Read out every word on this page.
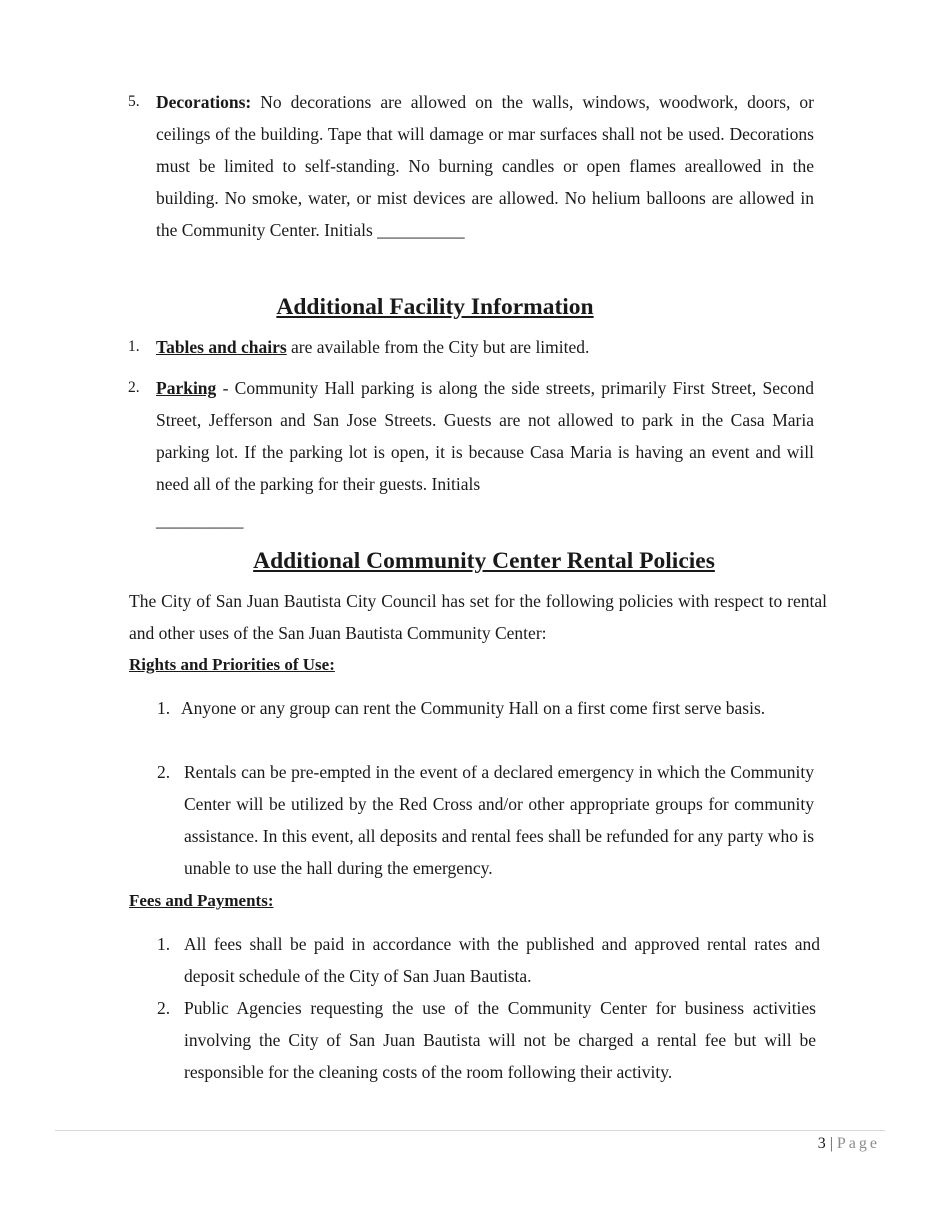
5. Decorations: No decorations are allowed on the walls, windows, woodwork, doors, or ceilings of the building. Tape that will damage or mar surfaces shall not be used. Decorations must be limited to self-standing. No burning candles or open flames areallowed in the building. No smoke, water, or mist devices are allowed. No helium balloons are allowed in the Community Center. Initials __________
Additional Facility Information
1. Tables and chairs are available from the City but are limited.
2. Parking - Community Hall parking is along the side streets, primarily First Street, Second Street, Jefferson and San Jose Streets. Guests are not allowed to park in the Casa Maria parking lot. If the parking lot is open, it is because Casa Maria is having an event and will need all of the parking for their guests. Initials
__________
Additional Community Center Rental Policies
The City of San Juan Bautista City Council has set for the following policies with respect to rental and other uses of the San Juan Bautista Community Center:
Rights and Priorities of Use:
1. Anyone or any group can rent the Community Hall on a first come first serve basis.
2. Rentals can be pre-empted in the event of a declared emergency in which the Community Center will be utilized by the Red Cross and/or other appropriate groups for community assistance. In this event, all deposits and rental fees shall be refunded for any party who is unable to use the hall during the emergency.
Fees and Payments:
1. All fees shall be paid in accordance with the published and approved rental rates and deposit schedule of the City of San Juan Bautista.
2. Public Agencies requesting the use of the Community Center for business activities involving the City of San Juan Bautista will not be charged a rental fee but will be responsible for the cleaning costs of the room following their activity.
3 | Page
